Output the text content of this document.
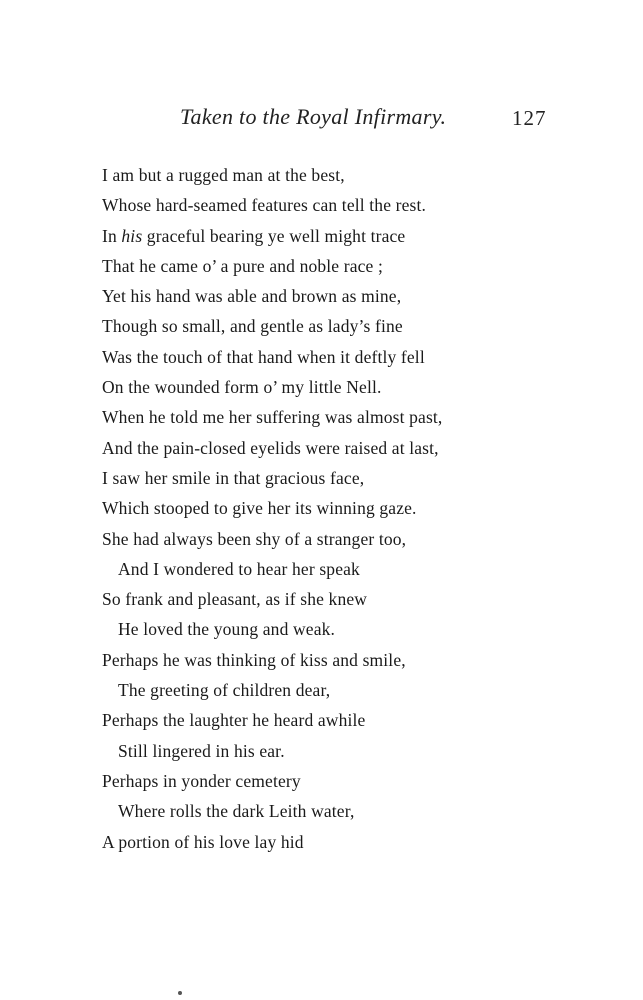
Taken to the Royal Infirmary.	127
I am but a rugged man at the best,
Whose hard-seamed features can tell the rest.
In his graceful bearing ye well might trace
That he came o’ a pure and noble race ;
Yet his hand was able and brown as mine,
Though so small, and gentle as lady’s fine
Was the touch of that hand when it deftly fell
On the wounded form o’ my little Nell.
When he told me her suffering was almost past,
And the pain-closed eyelids were raised at last,
I saw her smile in that gracious face,
Which stooped to give her its winning gaze.
She had always been shy of a stranger too,
And I wondered to hear her speak
So frank and pleasant, as if she knew
He loved the young and weak.
Perhaps he was thinking of kiss and smile,
The greeting of children dear,
Perhaps the laughter he heard awhile
Still lingered in his ear.
Perhaps in yonder cemetery
Where rolls the dark Leith water,
A portion of his love lay hid
